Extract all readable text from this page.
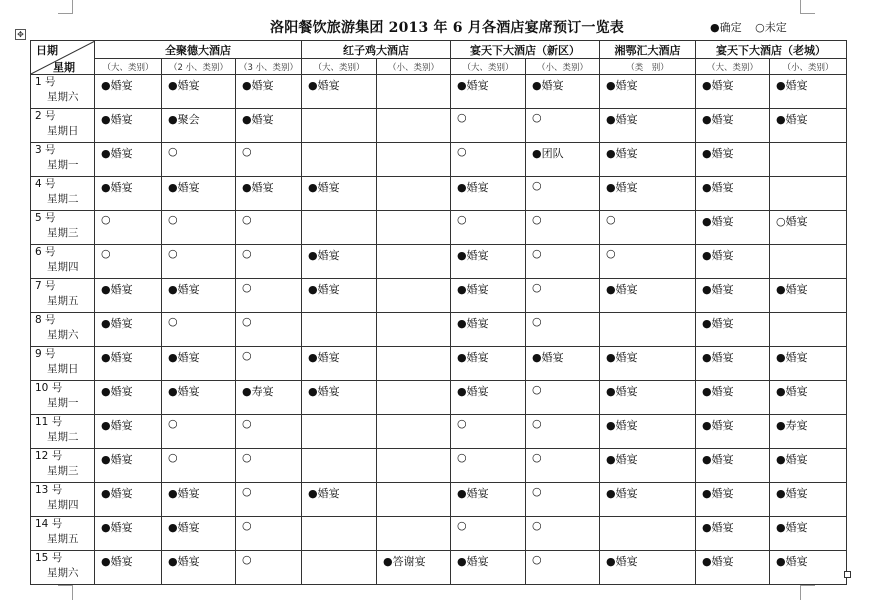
✥	洛阳餐饮旅游集团 2013 年 6 月各酒店宴席预订一览表	●确定 ○未定
日期
星期	全聚德大酒店			红子鸡大酒店		宴天下大酒店（新区）		湘鄂汇大酒店	宴天下大酒店（老城）	
	（大、类别）	（2 小、类别）	（3 小、类别）	（大、类别）	（小、类别）	（大、类别）	（小、类别）	（类　别）	（大、类别）	（小、类别）

1 号
星期六	●婚宴	●婚宴	●婚宴	●婚宴		●婚宴	●婚宴	●婚宴	●婚宴	●婚宴

2 号
星期日	●婚宴	●聚会	●婚宴			○	○	●婚宴	●婚宴	●婚宴

3 号
星期一	●婚宴	○	○			○	●团队	●婚宴	●婚宴	

4 号
星期二	●婚宴	●婚宴	●婚宴	●婚宴		●婚宴	○	●婚宴	●婚宴	

5 号
星期三	○	○	○			○	○	○	●婚宴	○婚宴

6 号
星期四	○	○	○	●婚宴		●婚宴	○	○	●婚宴	

7 号
星期五	●婚宴	●婚宴	○	●婚宴		●婚宴	○	●婚宴	●婚宴	●婚宴

8 号
星期六	●婚宴	○	○			●婚宴	○		●婚宴	

9 号
星期日	●婚宴	●婚宴	○	●婚宴		●婚宴	●婚宴	●婚宴	●婚宴	●婚宴

10 号
星期一	●婚宴	●婚宴	●寿宴	●婚宴		●婚宴	○	●婚宴	●婚宴	●婚宴

11 号
星期二	●婚宴	○	○			○	○	●婚宴	●婚宴	●寿宴

12 号
星期三	●婚宴	○	○			○	○	●婚宴	●婚宴	●婚宴

13 号
星期四	●婚宴	●婚宴	○	●婚宴		●婚宴	○	●婚宴	●婚宴	●婚宴

14 号
星期五	●婚宴	●婚宴	○			○	○		●婚宴	●婚宴

15 号
星期六	●婚宴	●婚宴	○		●答谢宴	●婚宴	○	●婚宴	●婚宴	●婚宴
